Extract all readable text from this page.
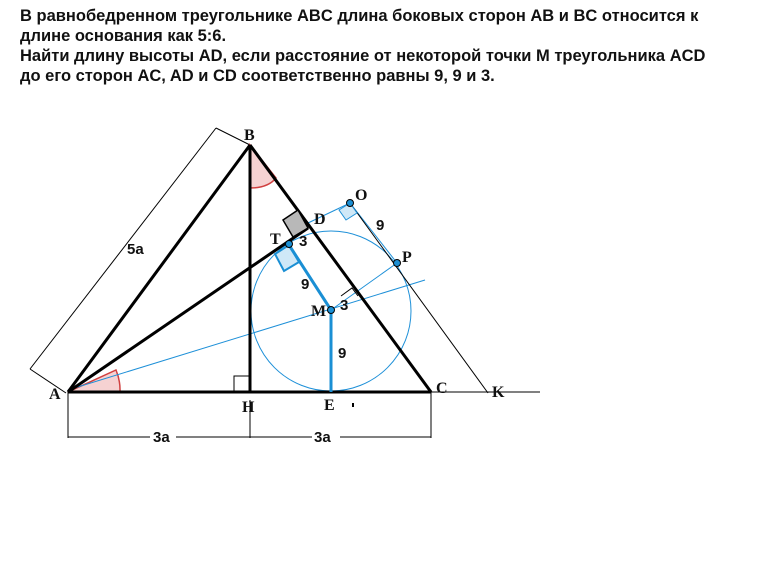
В равнобедренном треугольнике ABC длина боковых сторон AB и BC относится к
длине основания как 5:6.
Найти длину высоты AD, если расстояние от некоторой точки M треугольника ACD
до его сторон AC, AD и CD соответственно равны 9, 9 и 3.
A
B
C
D
H	E
T
M
O
P
K
5a
3a	3a
9
9
9
3
3
